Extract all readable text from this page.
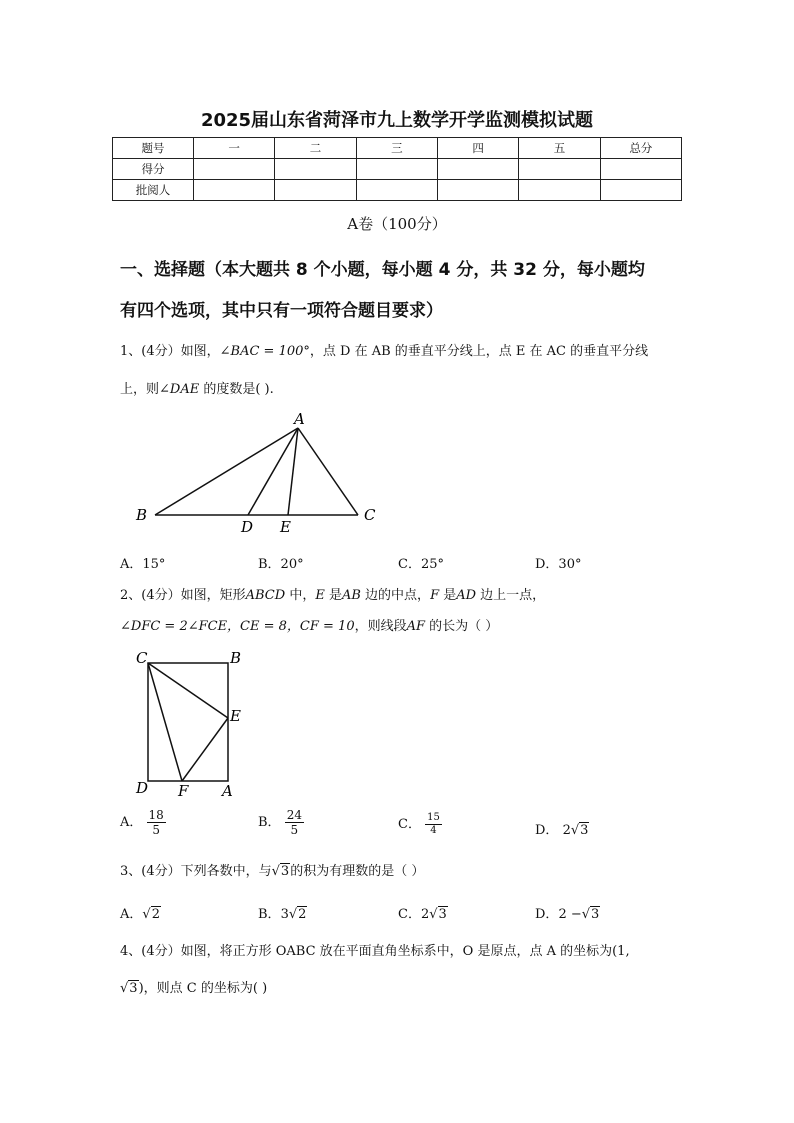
2025届山东省菏泽市九上数学开学监测模拟试题
题号	一	二	三	四	五	总分
得分						
批阅人						
A卷（100分）
一、选择题（本大题共 8 个小题，每小题 4 分，共 32 分，每小题均
有四个选项，其中只有一项符合题目要求）
1、(4分）如图，∠BAC = 100°，点 D 在 AB 的垂直平分线上，点 E 在 AC 的垂直平分线
上，则∠DAE 的度数是( ).
A
B	C
D E
A．15°	B．20°	C．25°	D．30°
2、(4分）如图，矩形ABCD 中，E 是AB 边的中点，F 是AD 边上一点，
∠DFC = 2∠FCE，CE = 8，CF = 10，则线段AF 的长为（ ）
C	B
E
D F A
A． $\frac{18}{5}$	B． $\frac{24}{5}$	C． $\frac{15}{4}$	D． 2√3
3、(4分）下列各数中，与√3的积为有理数的是（ ）
A．√2	B．3√2	C．2√3	D．2 −√3
4、(4分）如图，将正方形 OABC 放在平面直角坐标系中，O 是原点，点 A 的坐标为(1,
√3)，则点 C 的坐标为( )
